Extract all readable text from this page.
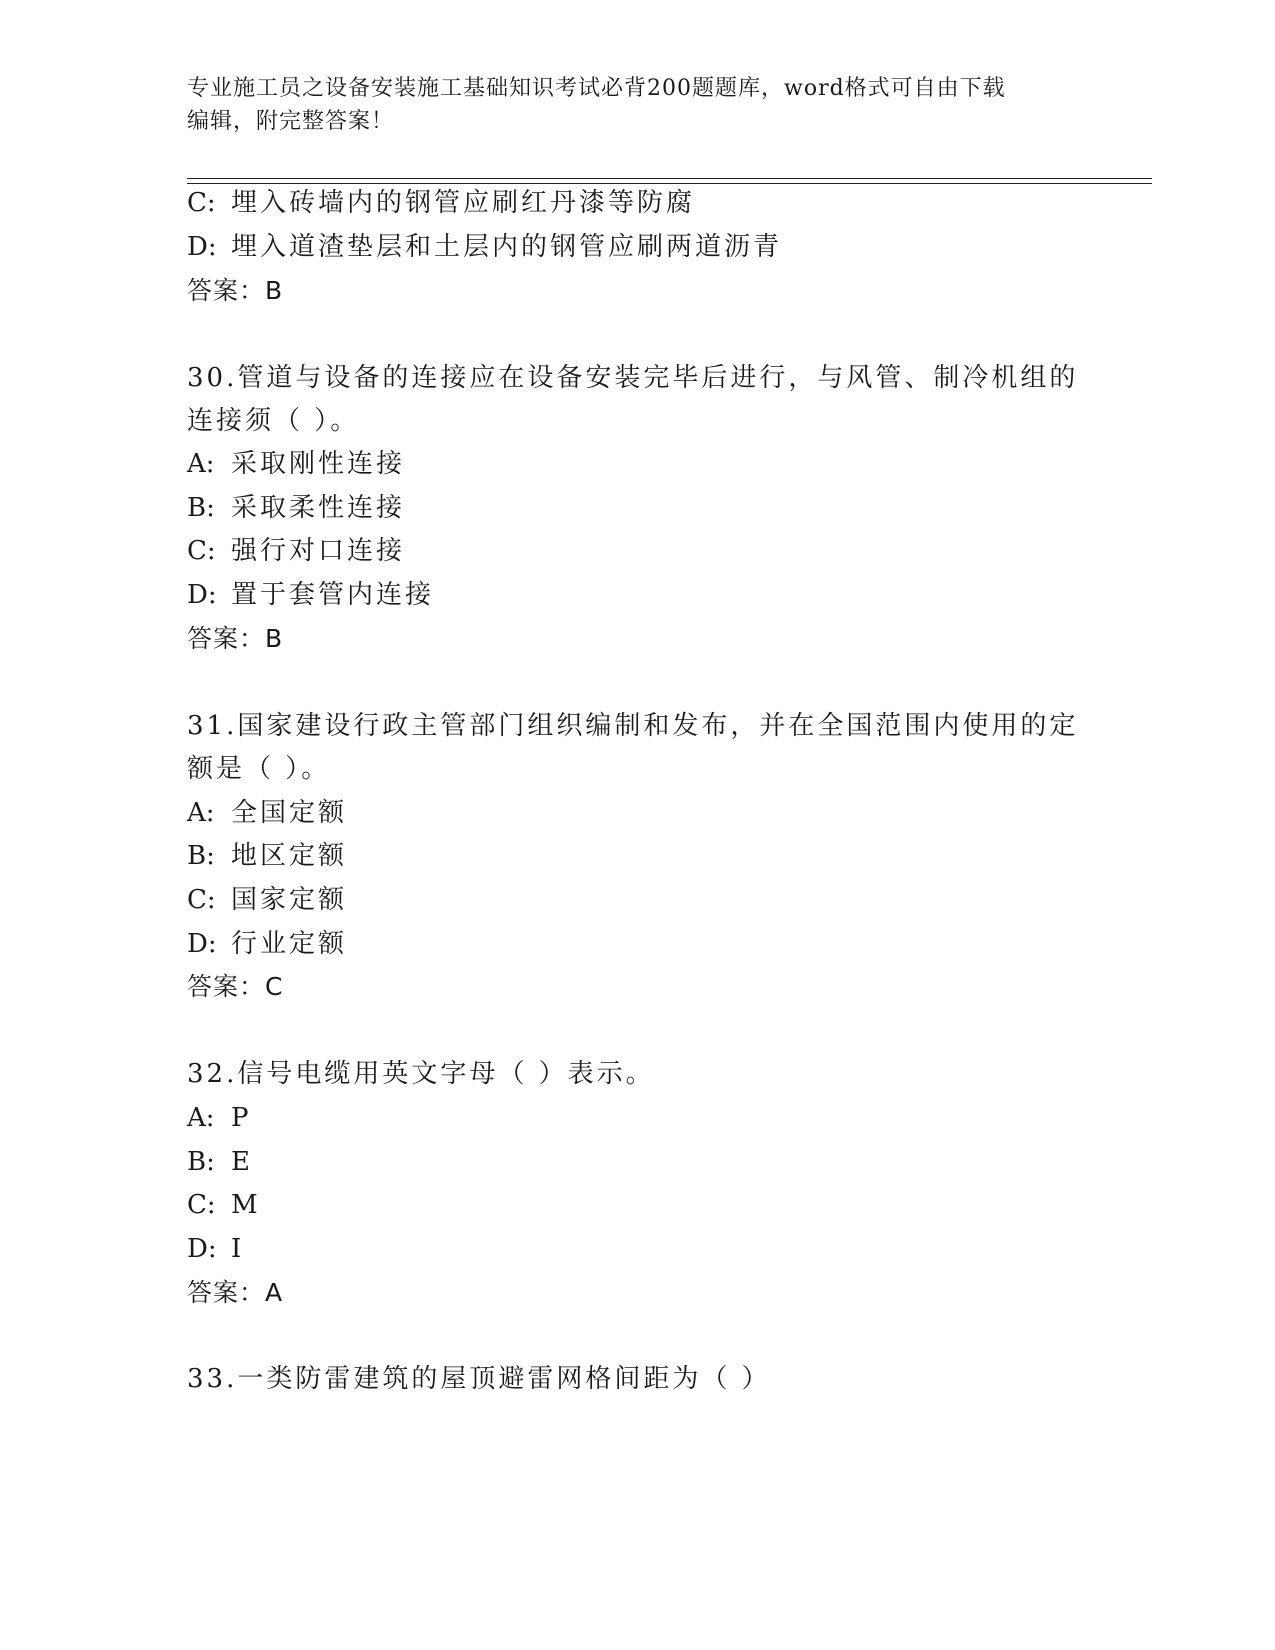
专业施工员之设备安装施工基础知识考试必背200题题库，word格式可自由下载
编辑，附完整答案！
C: 埋入砖墙内的钢管应刷红丹漆等防腐
D: 埋入道渣垫层和土层内的钢管应刷两道沥青
答案：B
30.管道与设备的连接应在设备安装完毕后进行，与风管、制冷机组的
连接须（ ）。
A: 采取刚性连接
B: 采取柔性连接
C: 强行对口连接
D: 置于套管内连接
答案：B
31.国家建设行政主管部门组织编制和发布，并在全国范围内使用的定
额是（ ）。
A: 全国定额
B: 地区定额
C: 国家定额
D: 行业定额
答案：C
32.信号电缆用英文字母（ ）表示。
A: P
B: E
C: M
D: I
答案：A
33.一类防雷建筑的屋顶避雷网格间距为（ ）
